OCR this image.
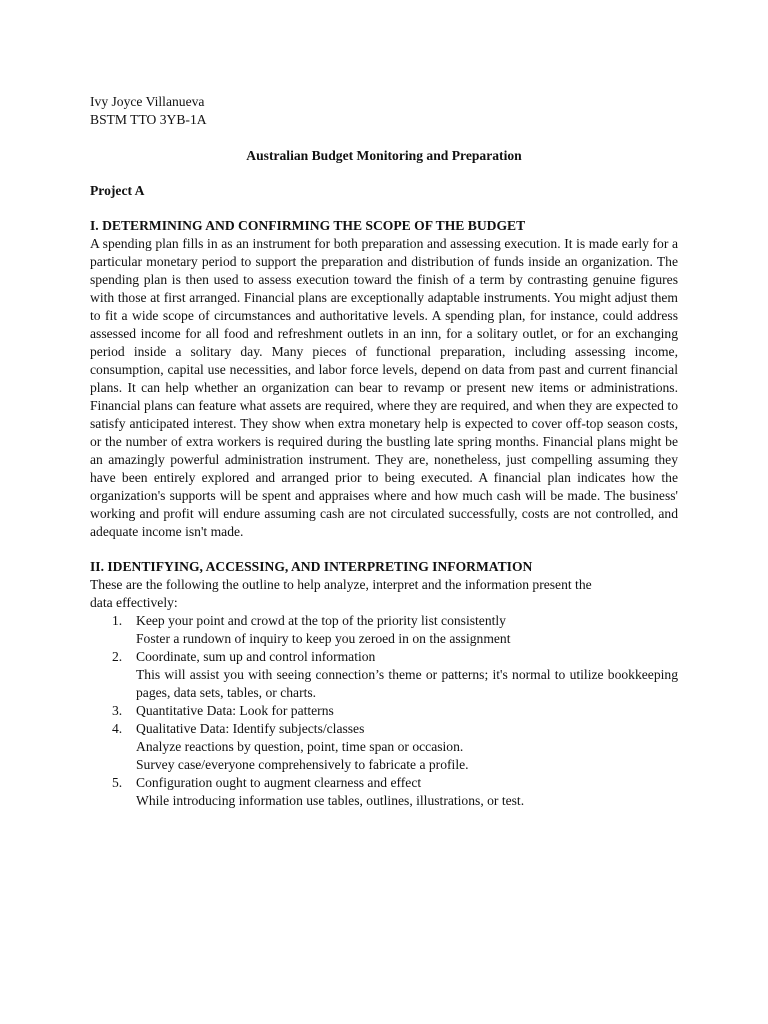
Ivy Joyce Villanueva

BSTM TTO 3YB-1A

Australian Budget Monitoring and Preparation

Project A

I. DETERMINING AND CONFIRMING THE SCOPE OF THE BUDGET

A spending plan fills in as an instrument for both preparation and assessing execution. It is made early for a particular monetary period to support the preparation and distribution of funds inside an organization. The spending plan is then used to assess execution toward the finish of a term by contrasting genuine figures with those at first arranged. Financial plans are exceptionally adaptable instruments. You might adjust them to fit a wide scope of circumstances and authoritative levels. A spending plan, for instance, could address assessed income for all food and refreshment outlets in an inn, for a solitary outlet, or for an exchanging period inside a solitary day. Many pieces of functional preparation, including assessing income, consumption, capital use necessities, and labor force levels, depend on data from past and current financial plans. It can help whether an organization can bear to revamp or present new items or administrations. Financial plans can feature what assets are required, where they are required, and when they are expected to satisfy anticipated interest. They show when extra monetary help is expected to cover off-top season costs, or the number of extra workers is required during the bustling late spring months. Financial plans might be an amazingly powerful administration instrument. They are, nonetheless, just compelling assuming they have been entirely explored and arranged prior to being executed. A financial plan indicates how the organization's supports will be spent and appraises where and how much cash will be made. The business' working and profit will endure assuming cash are not circulated successfully, costs are not controlled, and adequate income isn't made.

II. IDENTIFYING, ACCESSING, AND INTERPRETING INFORMATION

These are the following the outline to help analyze, interpret and the information present the

data effectively:

1. Keep your point and crowd at the top of the priority list consistently
Foster a rundown of inquiry to keep you zeroed in on the assignment
2. Coordinate, sum up and control information
This will assist you with seeing connection’s theme or patterns; it's normal to utilize bookkeeping pages, data sets, tables, or charts.
3. Quantitative Data: Look for patterns
4. Qualitative Data: Identify subjects/classes
Analyze reactions by question, point, time span or occasion.
Survey case/everyone comprehensively to fabricate a profile.
5. Configuration ought to augment clearness and effect
While introducing information use tables, outlines, illustrations, or test.
